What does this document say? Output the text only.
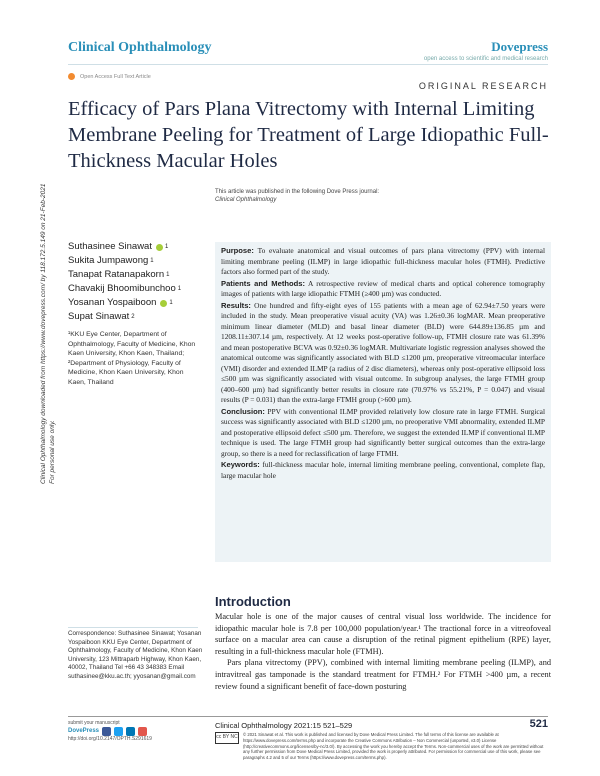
Clinical Ophthalmology	Dovepress
open access to scientific and medical research
Open Access Full Text Article
ORIGINAL RESEARCH
Efficacy of Pars Plana Vitrectomy with Internal Limiting Membrane Peeling for Treatment of Large Idiopathic Full-Thickness Macular Holes
This article was published in the following Dove Press journal:
Clinical Ophthalmology
Suthasinee Sinawat 1
Sukita Jumpawong 1
Tanapat Ratanapakorn 1
Chavakij Bhoomibunchoo 1
Yosanan Yospaiboon 1
Supat Sinawat 2
¹KKU Eye Center, Department of Ophthalmology, Faculty of Medicine, Khon Kaen University, Khon Kaen, Thailand; ²Department of Physiology, Faculty of Medicine, Khon Kaen University, Khon Kaen, Thailand

Purpose: To evaluate anatomical and visual outcomes of pars plana vitrectomy (PPV) with internal limiting membrane peeling (ILMP) in large idiopathic full-thickness macular holes (FTMH). Predictive factors also formed part of the study.

Patients and Methods: A retrospective review of medical charts and optical coherence tomography images of patients with large idiopathic FTMH (≥400 µm) was conducted.

Results: One hundred and fifty-eight eyes of 155 patients with a mean age of 62.94±7.50 years were included in the study. Mean preoperative visual acuity (VA) was 1.26±0.36 logMAR. Mean preoperative minimum linear diameter (MLD) and basal linear diameter (BLD) were 644.89±136.85 µm and 1208.11±307.14 µm, respectively. At 12 weeks post-operative follow-up, FTMH closure rate was 61.39% and mean postoperative BCVA was 0.92±0.36 logMAR. Multivariate logistic regression analyses showed the anatomical outcome was significantly associated with BLD ≤1200 µm, preoperative vitreomacular interface (VMI) disorder and extended ILMP (a radius of 2 disc diameters), whereas only post-operative ellipsoid loss ≤500 µm was significantly associated with visual outcome. In subgroup analyses, the large FTMH group (400–600 µm) had significantly better results in closure rate (70.97% vs 55.21%, P = 0.047) and visual results (P = 0.031) than the extra-large FTMH group (>600 µm).

Conclusion: PPV with conventional ILMP provided relatively low closure rate in large FTMH. Surgical success was significantly associated with BLD ≤1200 µm, no preoperative VMI abnormality, extended ILMP and postoperative ellipsoid defect ≤500 µm. Therefore, we suggest the extended ILMP if conventional ILMP technique is used. The large FTMH group had significantly better surgical outcomes than the extra-large group, so there is a need for reclassification of large FTMH.

Keywords: full-thickness macular hole, internal limiting membrane peeling, conventional, complete flap, large macular hole

Introduction

Macular hole is one of the major causes of central visual loss worldwide. The incidence for idiopathic macular hole is 7.8 per 100,000 population/year.¹ The tractional force in a vitreofoveal surface on a macular area can cause a disruption of the retinal pigment epithelium (RPE) layer, resulting in a full-thickness macular hole (FTMH).

Pars plana vitrectomy (PPV), combined with internal limiting membrane peeling (ILMP), and intravitreal gas tamponade is the standard treatment for FTMH.² For FTMH >400 µm, a recent review found a significant benefit of face-down posturing

Correspondence: Suthasinee Sinawat; Yosanan Yospaiboon KKU Eye Center, Department of Ophthalmology, Faculty of Medicine, Khon Kaen University, 123 Mittraparb Highway, Khon Kaen, 40002, Thailand Tel +66 43 348383 Email suthasinee@kku.ac.th; yyosanan@gmail.com
Clinical Ophthalmology downloaded from https://www.dovepress.com/ by 118.172.5.149 on 21-Feb-2021 For personal use only.
submit your manuscript
DovePress
http://doi.org/10.2147/OPTH.S291619
Clinical Ophthalmology 2021:15 521–529	521
cc BY NC © 2021 Sinawat et al. This work is published and licensed by Dove Medical Press Limited. The full terms of this license are available at https://www.dovepress.com/terms.php and incorporate the Creative Commons Attribution – Non Commercial (unported, v3.0) License (http://creativecommons.org/licenses/by-nc/3.0/). By accessing the work you hereby accept the Terms. Non-commercial uses of the work are permitted without any further permission from Dove Medical Press Limited, provided the work is properly attributed. For permission for commercial use of this work, please see paragraphs 4.2 and 5 of our Terms (https://www.dovepress.com/terms.php).
